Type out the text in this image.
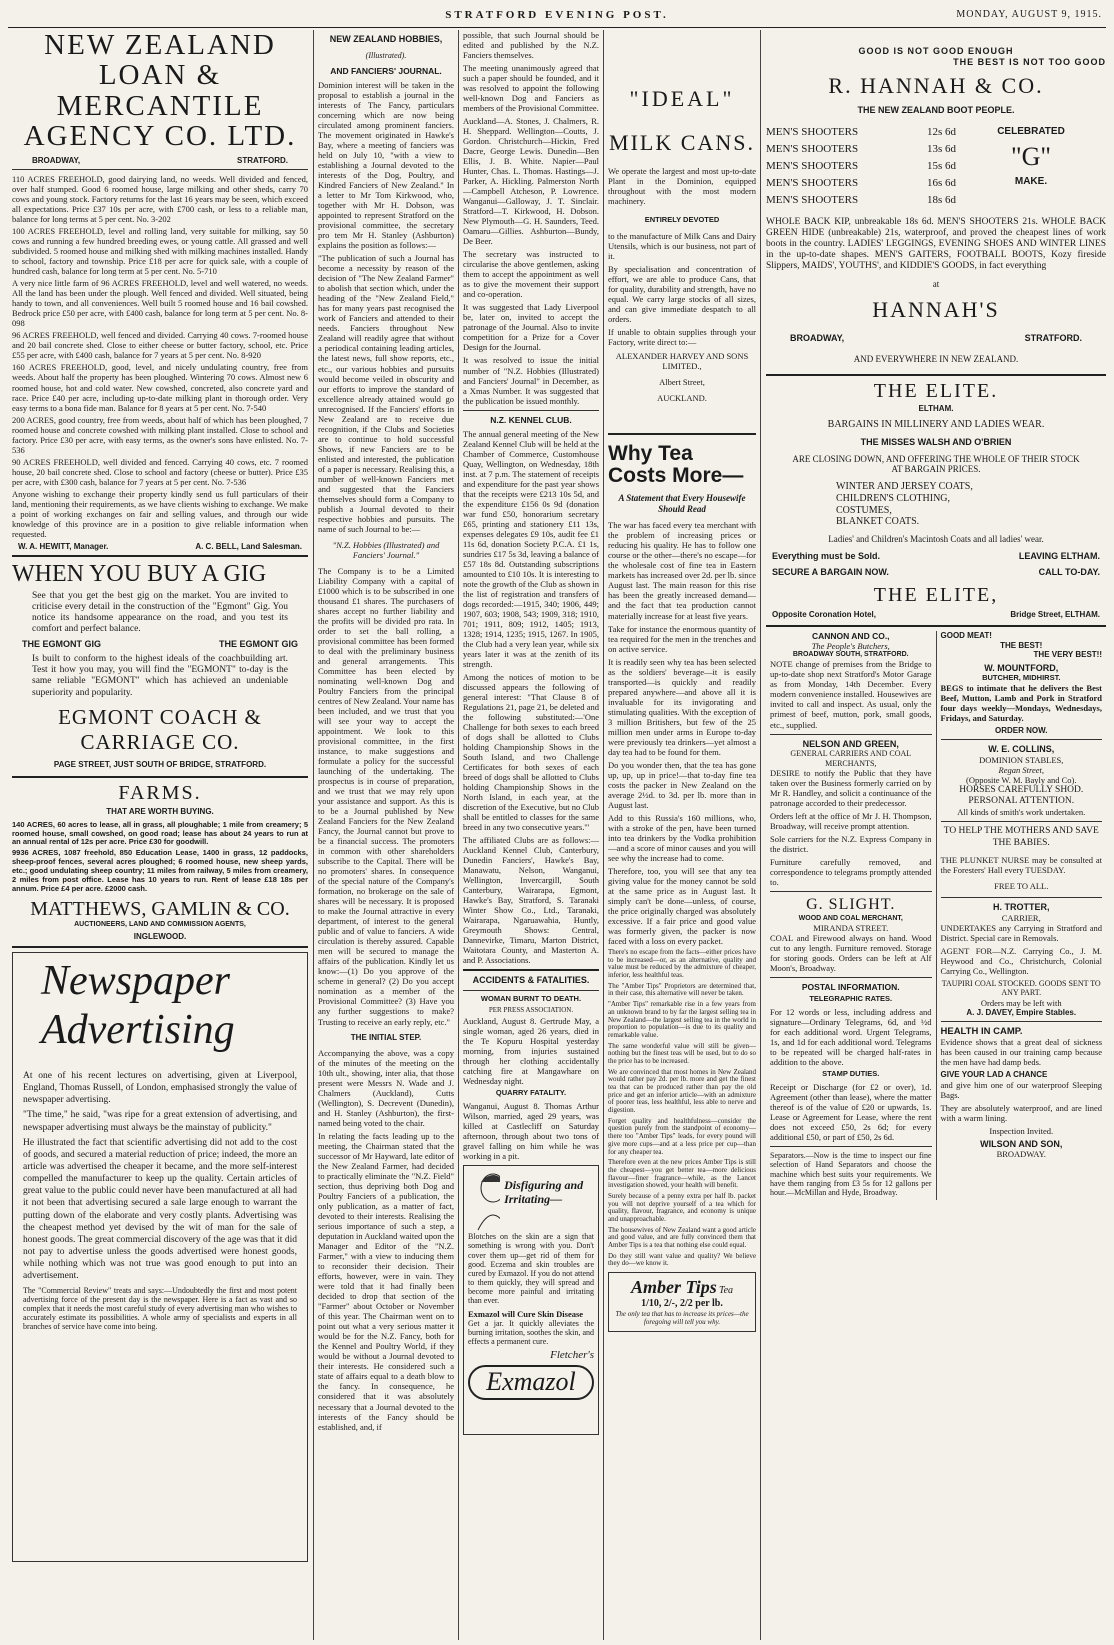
STRATFORD EVENING POST.	MONDAY, AUGUST 9, 1915.
NEW ZEALAND LOAN & MERCANTILE AGENCY CO. LTD.
BROADWAY,	STRATFORD.

110 ACRES FREEHOLD, good dairying land, no weeds. Well divided and fenced, over half stumped. Good 6 roomed house, large milking and other sheds, carry 70 cows and young stock. Factory returns for the last 16 years may be seen, which exceed all expectations. Price £37 10s per acre, with £700 cash, or less to a reliable man, balance for long terms at 5 per cent. No. 3-202

100 ACRES FREEHOLD, level and rolling land, very suitable for milking, say 50 cows and running a few hundred breeding ewes, or young cattle. All grassed and well subdivided. 5 roomed house and milking shed with milking machines installed. Handy to school, factory and township. Price £18 per acre for quick sale, with a couple of hundred cash, balance for long term at 5 per cent. No. 5-710

A very nice little farm of 96 ACRES FREEHOLD, level and well watered, no weeds. All the land has been under the plough. Well fenced and divided. Well situated, being handy to town, and all conveniences. Well built 5 roomed house and 16 bail cowshed. Bedrock price £50 per acre, with £400 cash, balance for long term at 5 per cent. No. 8-098

96 ACRES FREEHOLD, well fenced and divided. Carrying 40 cows. 7-roomed house and 20 bail concrete shed. Close to either cheese or butter factory, school, etc. Price £55 per acre, with £400 cash, balance for 7 years at 5 per cent. No. 8-920

160 ACRES FREEHOLD, good, level, and nicely undulating country, free from weeds. About half the property has been ploughed. Wintering 70 cows. Almost new 6 roomed house, hot and cold water. New cowshed, concreted, also concrete yard and race. Price £40 per acre, including up-to-date milking plant in thorough order. Very easy terms to a bona fide man. Balance for 8 years at 5 per cent. No. 7-540

200 ACRES, good country, free from weeds, about half of which has been ploughed, 7 roomed house and concrete cowshed with milking plant installed. Close to school and factory. Price £30 per acre, with easy terms, as the owner's sons have enlisted. No. 7-536

90 ACRES FREEHOLD, well divided and fenced. Carrying 40 cows, etc. 7 roomed house, 20 bail concrete shed. Close to school and factory (cheese or butter). Price £35 per acre, with £300 cash, balance for 7 years at 5 per cent. No. 7-536

Anyone wishing to exchange their property kindly send us full particulars of their land, mentioning their requirements, as we have clients wishing to exchange. We make a point of working exchanges on fair and selling values, and through our wide knowledge of this province are in a position to give reliable information when requested.

W. A. HEWITT, Manager.	A. C. BELL, Land Salesman.
WHEN YOU BUY A GIG

See that you get the best gig on the market. You are invited to criticise every detail in the construction of the "Egmont" Gig. You notice its handsome appearance on the road, and you test its comfort and perfect balance.

THE EGMONT GIG	THE EGMONT GIG

Is built to conform to the highest ideals of the coachbuilding art. Test it how you may, you will find the "EGMONT" to-day is the same reliable "EGMONT" which has achieved an undeniable superiority and popularity.

EGMONT COACH & CARRIAGE CO.
PAGE STREET, JUST SOUTH OF BRIDGE, STRATFORD.
FARMS.
THAT ARE WORTH BUYING.

140 ACRES, 60 acres to lease, all in grass, all ploughable; 1 mile from creamery; 5 roomed house, small cowshed, on good road; lease has about 24 years to run at an annual rental of 12s per acre. Price £30 for goodwill.

9936 ACRES, 1087 freehold, 850 Education Lease, 1400 in grass, 12 paddocks, sheep-proof fences, several acres ploughed; 6 roomed house, new sheep yards, etc.; good undulating sheep country; 11 miles from railway, 5 miles from creamery, 2 miles from post office. Lease has 10 years to run. Rent of lease £18 18s per annum. Price £4 per acre. £2000 cash.

MATTHEWS, GAMLIN & CO.
AUCTIONEERS, LAND AND COMMISSION AGENTS,
INGLEWOOD.
Newspaper
Advertising

At one of his recent lectures on advertising, given at Liverpool, England, Thomas Russell, of London, emphasised strongly the value of newspaper advertising.

"The time," he said, "was ripe for a great extension of advertising, and newspaper advertising must always be the mainstay of publicity."

He illustrated the fact that scientific advertising did not add to the cost of goods, and secured a material reduction of price; indeed, the more an article was advertised the cheaper it became, and the more self-interest compelled the manufacturer to keep up the quality. Certain articles of great value to the public could never have been manufactured at all had it not been that advertising secured a sale large enough to warrant the putting down of the elaborate and very costly plants. Advertising was the cheapest method yet devised by the wit of man for the sale of honest goods. The great commercial discovery of the age was that it did not pay to advertise unless the goods advertised were honest goods, while nothing which was not true was good enough to put into an advertisement.

The "Commercial Review" treats and says:—Undoubtedly the first and most potent advertising force of the present day is the newspaper. Here is a fact as vast and so complex that it needs the most careful study of every advertising man who wishes to accurately estimate its possibilities. A whole army of specialists and experts in all branches of service have come into being.

NEW ZEALAND HOBBIES,
(Illustrated).
AND FANCIERS' JOURNAL.

Dominion interest will be taken in the proposal to establish a journal in the interests of The Fancy, particulars concerning which are now being circulated among prominent fanciers. The movement originated in Hawke's Bay, where a meeting of fanciers was held on July 10, "with a view to establishing a Journal devoted to the interests of the Dog, Poultry, and Kindred Fanciers of New Zealand." In a letter to Mr Tom Kirkwood, who, together with Mr H. Dobson, was appointed to represent Stratford on the provisional committee, the secretary pro tem Mr H. Stanley (Ashburton) explains the position as follows:—

"The publication of such a Journal has become a necessity by reason of the decision of "The New Zealand Farmer" to abolish that section which, under the heading of the "New Zealand Field," has for many years past recognised the work of Fanciers and attended to their needs. Fanciers throughout New Zealand will readily agree that without a periodical containing leading articles, the latest news, full show reports, etc., etc., our various hobbies and pursuits would become veiled in obscurity and our efforts to improve the standard of excellence already attained would go unrecognised. If the Fanciers' efforts in New Zealand are to receive due recognition, if the Clubs and Societies are to continue to hold successful Shows, if new Fanciers are to be enlisted and interested, the publication of a paper is necessary. Realising this, a number of well-known Fanciers met and suggested that the Fanciers themselves should form a Company to publish a Journal devoted to their respective hobbies and pursuits. The name of such Journal to be:—

"N.Z. Hobbies (Illustrated) and Fanciers' Journal."

The Company is to be a Limited Liability Company with a capital of £1000 which is to be subscribed in one thousand £1 shares. The purchasers of shares accept no further liability and the profits will be divided pro rata. In order to set the ball rolling, a provisional committee has been formed to deal with the preliminary business and general arrangements. This Committee has been elected by nominating well-known Dog and Poultry Fanciers from the principal centres of New Zealand. Your name has been included, and we trust that you will see your way to accept the appointment. We look to this provisional committee, in the first instance, to make suggestions and formulate a policy for the successful launching of the undertaking. The prospectus is in course of preparation, and we trust that we may rely upon your assistance and support. As this is to be a Journal published by New Zealand Fanciers for the New Zealand Fancy, the Journal cannot but prove to be a financial success. The promoters in common with other shareholders subscribe to the Capital. There will be no promoters' shares. In consequence of the special nature of the Company's formation, no brokerage on the sale of shares will be necessary. It is proposed to make the Journal attractive in every department, of interest to the general public and of value to fanciers. A wide circulation is thereby assured. Capable men will be secured to manage the affairs of the publication. Kindly let us know:—(1) Do you approve of the scheme in general? (2) Do you accept nomination as a member of the Provisional Committee? (3) Have you any further suggestions to make? Trusting to receive an early reply, etc."

THE INITIAL STEP.

Accompanying the above, was a copy of the minutes of the meeting on the 10th ult., showing, inter alia, that those present were Messrs N. Wade and J. Chalmers (Auckland), Cutts (Wellington), S. Decrevent (Dunedin), and H. Stanley (Ashburton), the first-named being voted to the chair.

In relating the facts leading up to the meeting, the Chairman stated that the successor of Mr Hayward, late editor of the New Zealand Farmer, had decided to practically eliminate the "N.Z. Field" section, thus depriving both Dog and Poultry Fanciers of a publication, the only publication, as a matter of fact, devoted to their interests. Realising the serious importance of such a step, a deputation in Auckland waited upon the Manager and Editor of the "N.Z. Farmer," with a view to inducing them to reconsider their decision. Their efforts, however, were in vain. They were told that it had finally been decided to drop that section of the "Farmer" about October or November of this year. The Chairman went on to point out what a very serious matter it would be for the N.Z. Fancy, both for the Kennel and Poultry World, if they would be without a Journal devoted to their interests. He considered such a state of affairs equal to a death blow to the fancy. In consequence, he considered that it was absolutely necessary that a Journal devoted to the interests of the Fancy should be established, and, if

possible, that such Journal should be edited and published by the N.Z. Fanciers themselves.

The meeting unanimously agreed that such a paper should be founded, and it was resolved to appoint the following well-known Dog and Fanciers as members of the Provisional Committee.

Auckland—A. Stones, J. Chalmers, R. H. Sheppard. Wellington—Coutts, J. Gordon. Christchurch—Hickin, Fred Dacre, George Lewis. Dunedin—Ben Ellis, J. B. White. Napier—Paul Hunter, Chas. L. Thomas. Hastings—J. Parker, A. Hickling. Palmerston North—Campbell Atcheson, P. Lowrence. Wanganui—Galloway, J. T. Sinclair. Stratford—T. Kirkwood, H. Dobson. New Plymouth—G. H. Saunders, Teed. Oamaru—Gillies. Ashburton—Bundy, De Beer.

The secretary was instructed to circularise the above gentlemen, asking them to accept the appointment as well as to give the movement their support and co-operation.

It was suggested that Lady Liverpool be, later on, invited to accept the patronage of the Journal. Also to invite competition for a Prize for a Cover Design for the Journal.

It was resolved to issue the initial number of "N.Z. Hobbies (Illustrated) and Fanciers' Journal" in December, as a Xmas Number. It was suggested that the publication be issued monthly.

N.Z. KENNEL CLUB.

The annual general meeting of the New Zealand Kennel Club will be held at the Chamber of Commerce, Customhouse Quay, Wellington, on Wednesday, 18th inst. at 7 p.m. The statement of receipts and expenditure for the past year shows that the receipts were £213 10s 5d, and the expenditure £156 0s 9d (donation war fund £50, honorarium secretary £65, printing and stationery £11 13s, expenses delegates £9 10s, audit fee £1 11s 6d, donation Society P.C.A. £1 1s, sundries £17 5s 3d, leaving a balance of £57 18s 8d. Outstanding subscriptions amounted to £10 10s. It is interesting to note the growth of the Club as shown in the list of registration and transfers of dogs recorded:—1915, 340; 1906, 449; 1907, 603; 1908, 543; 1909, 318; 1910, 701; 1911, 809; 1912, 1405; 1913, 1328; 1914, 1235; 1915, 1267. In 1905, the Club had a very lean year, while six years later it was at the zenith of its strength.

Among the notices of motion to be discussed appears the following of general interest: "That Clause 8 of Regulations 21, page 21, be deleted and the following substituted:—'One Challenge for both sexes to each breed of dogs shall be allotted to Clubs holding Championship Shows in the South Island, and two Challenge Certificates for both sexes of each breed of dogs shall be allotted to Clubs holding Championship Shows in the North Island, in each year, at the discretion of the Executive, but no Club shall be entitled to classes for the same breed in any two consecutive years.'"

The affiliated Clubs are as follows:—Auckland Kennel Club, Canterbury, Dunedin Fanciers', Hawke's Bay, Manawatu, Nelson, Wanganui, Wellington, Invercargill, South Canterbury, Wairarapa, Egmont, Hawke's Bay, Stratford, S. Taranaki Winter Show Co., Ltd., Taranaki, Wairarapa, Ngaruawahia, Huntly, Greymouth Shows: Central, Dannevirke, Timaru, Marton District, Waitotara County, and Masterton A. and P. Associations.

ACCIDENTS & FATALITIES.
WOMAN BURNT TO DEATH.
PER PRESS ASSOCIATION.

Auckland, August 8. Gertrude May, a single woman, aged 26 years, died in the Te Kopuru Hospital yesterday morning, from injuries sustained through her clothing accidentally catching fire at Mangawhare on Wednesday night.

QUARRY FATALITY.

Wanganui, August 8. Thomas Arthur Wilson, married, aged 29 years, was killed at Castlecliff on Saturday afternoon, through about two tons of gravel falling on him while he was working in a pit.

Disfiguring and Irritating—

Blotches on the skin are a sign that something is wrong with you. Don't cover them up—get rid of them for good. Eczema and skin troubles are cured by Exmazol. If you do not attend to them quickly, they will spread and become more painful and irritating than ever.

Exmazol will Cure Skin Disease

Get a jar. It quickly alleviates the burning irritation, soothes the skin, and effects a permanent cure.

Fletcher's
Exmazol
"IDEAL"
MILK CANS.

We operate the largest and most up-to-date Plant in the Dominion, equipped throughout with the most modern machinery.

ENTIRELY DEVOTED

to the manufacture of Milk Cans and Dairy Utensils, which is our business, not part of it.

By specialisation and concentration of effort, we are able to produce Cans, that for quality, durability and strength, have no equal. We carry large stocks of all sizes, and can give immediate despatch to all orders.

If unable to obtain supplies through your Factory, write direct to:—

ALEXANDER HARVEY AND SONS LIMITED.,
Albert Street,
AUCKLAND.
Why Tea
Costs More—
A Statement that Every Housewife Should Read

The war has faced every tea merchant with the problem of increasing prices or reducing his quality. He has to follow one course or the other—there's no escape—for the wholesale cost of fine tea in Eastern markets has increased over 2d. per lb. since August last. The main reason for this rise has been the greatly increased demand—and the fact that tea production cannot materially increase for at least five years.

Take for instance the enormous quantity of tea required for the men in the trenches and on active service.

It is readily seen why tea has been selected as the soldiers' beverage—it is easily transported—is quickly and readily prepared anywhere—and above all it is invaluable for its invigorating and stimulating qualities. With the exception of 3 million Britishers, but few of the 25 million men under arms in Europe to-day were previously tea drinkers—yet almost a day tea had to be found for them.

Do you wonder then, that the tea has gone up, up, up in price!—that to-day fine tea costs the packer in New Zealand on the average 2½d. to 3d. per lb. more than in August last.

Add to this Russia's 160 millions, who, with a stroke of the pen, have been turned into tea drinkers by the Vodka prohibition—and a score of minor causes and you will see why the increase had to come.

Therefore, too, you will see that any tea giving value for the money cannot be sold at the same price as in August last. It simply can't be done—unless, of course, the price originally charged was absolutely excessive. If a fair price and good value was formerly given, the packer is now faced with a loss on every packet.

There's no escape from the facts—either prices have to be increased—or, as an alternative, quality and value must be reduced by the admixture of cheaper, inferior, less healthful teas.

The "Amber Tips" Proprietors are determined that, in their case, this alternative will never be taken.

"Amber Tips" remarkable rise in a few years from an unknown brand to by far the largest selling tea in New Zealand—the largest selling tea in the world in proportion to population—is due to its quality and remarkable value.

The same wonderful value will still be given—nothing but the finest teas will be used, but to do so the price has to be increased.

We are convinced that most homes in New Zealand would rather pay 2d. per lb. more and get the finest tea that can be produced rather than pay the old price and get an inferior article—with an admixture of poorer teas, less healthful, less able to nerve and digestion.

Forget quality and healthfulness—consider the question purely from the standpoint of economy—there too "Amber Tips" leads, for every pound will give more cups—and at a less price per cup—than for any cheaper tea.

Therefore even at the new prices Amber Tips is still the cheapest—you get better tea—more delicious flavour—finer fragrance—while, as the Lancet investigation showed, your health will benefit.

Surely because of a penny extra per half lb. packet you will not deprive yourself of a tea which for quality, flavour, fragrance, and economy is unique and unapproachable.

The housewives of New Zealand want a good article and good value, and are fully convinced them that Amber Tips is a tea that nothing else could equal.

Do they still want value and quality? We believe they do—we know it.

Amber Tips Tea
1/10, 2/-, 2/2 per lb.
The only tea that has to increase its prices—the foregoing will tell you why.
GOOD IS NOT GOOD ENOUGH
THE BEST IS NOT TOO GOOD
R. HANNAH & CO.
THE NEW ZEALAND BOOT PEOPLE.
MEN'S SHOOTERS	12s 6d
MEN'S SHOOTERS	13s 6d
MEN'S SHOOTERS	15s 6d
MEN'S SHOOTERS	16s 6d
MEN'S SHOOTERS	18s 6d
CELEBRATED
"G"
MAKE.

WHOLE BACK KIP, unbreakable 18s 6d. MEN'S SHOOTERS 21s. WHOLE BACK GREEN HIDE (unbreakable) 21s, waterproof, and proved the cheapest lines of work boots in the country. LADIES' LEGGINGS, EVENING SHOES AND WINTER LINES in the up-to-date shapes. MEN'S GAITERS, FOOTBALL BOOTS, Kozy fireside Slippers, MAIDS', YOUTHS', and KIDDIE'S GOODS, in fact everything

at
HANNAH'S
BROADWAY,	STRATFORD.
AND EVERYWHERE IN NEW ZEALAND.
THE ELITE.
ELTHAM.
BARGAINS IN MILLINERY AND LADIES WEAR.
THE MISSES WALSH AND O'BRIEN
ARE CLOSING DOWN, AND OFFERING THE WHOLE OF THEIR STOCK AT BARGAIN PRICES.
WINTER AND JERSEY COATS,
CHILDREN'S CLOTHING,
COSTUMES,
BLANKET COATS.
Ladies' and Children's Macintosh Coats and all ladies' wear.
Everything must be Sold.	LEAVING ELTHAM.
SECURE A BARGAIN NOW.	CALL TO-DAY.
THE ELITE,
Opposite Coronation Hotel,	Bridge Street, ELTHAM.
CANNON AND CO.,
The People's Butchers,
BROADWAY SOUTH, STRATFORD.

NOTE change of premises from the Bridge to up-to-date shop next Stratford's Motor Garage as from Monday, 14th December. Every modern convenience installed. Housewives are invited to call and inspect. As usual, only the primest of beef, mutton, pork, small goods, etc., supplied.

NELSON AND GREEN,
GENERAL CARRIERS AND COAL MERCHANTS,

DESIRE to notify the Public that they have taken over the Business formerly carried on by Mr R. Handley, and solicit a continuance of the patronage accorded to their predecessor.

Orders left at the office of Mr J. H. Thompson, Broadway, will receive prompt attention.

Sole carriers for the N.Z. Express Company in the district.

Furniture carefully removed, and correspondence to telegrams promptly attended to.

G. SLIGHT.
WOOD AND COAL MERCHANT,
MIRANDA STREET.

COAL and Firewood always on hand. Wood cut to any length. Furniture removed. Storage for storing goods. Orders can be left at Alf Moon's, Broadway.

POSTAL INFORMATION.
TELEGRAPHIC RATES.

For 12 words or less, including address and signature—Ordinary Telegrams, 6d, and ½d for each additional word. Urgent Telegrams, 1s, and 1d for each additional word. Telegrams to be repeated will be charged half-rates in addition to the above.

STAMP DUTIES.

Receipt or Discharge (for £2 or over), 1d. Agreement (other than lease), where the matter thereof is of the value of £20 or upwards, 1s. Lease or Agreement for Lease, where the rent does not exceed £50, 2s 6d; for every additional £50, or part of £50, 2s 6d.

Separators.—Now is the time to inspect our fine selection of Hand Separators and choose the machine which best suits your requirements. We have them ranging from £3 5s for 12 gallons per hour.—McMillan and Hyde, Broadway.

GOOD MEAT!
THE BEST!
THE VERY BEST!!
W. MOUNTFORD,
BUTCHER, MIDHIRST.

BEGS to intimate that he delivers the Best Beef, Mutton, Lamb and Pork in Stratford four days weekly—Mondays, Wednesdays, Fridays, and Saturday.

ORDER NOW.
W. E. COLLINS,
DOMINION STABLES,
Regan Street,
(Opposite W. M. Bayly and Co).
HORSES CAREFULLY SHOD. PERSONAL ATTENTION.
All kinds of smith's work undertaken.
TO HELP THE MOTHERS AND SAVE THE BABIES.

THE PLUNKET NURSE may be consulted at the Foresters' Hall every TUESDAY.

FREE TO ALL.
H. TROTTER,
CARRIER,

UNDERTAKES any Carrying in Stratford and District. Special care in Removals.

AGENT FOR—N.Z. Carrying Co., J. M. Heywood and Co., Christchurch, Colonial Carrying Co., Wellington.

TAUPIRI COAL STOCKED. GOODS SENT TO ANY PART.
Orders may be left with
A. J. DAVEY, Empire Stables.
HEALTH IN CAMP.

Evidence shows that a great deal of sickness has been caused in our training camp because the men have had damp beds.

GIVE YOUR LAD A CHANCE

and give him one of our waterproof Sleeping Bags.

They are absolutely waterproof, and are lined with a warm lining.

Inspection Invited.
WILSON AND SON,
BROADWAY.
